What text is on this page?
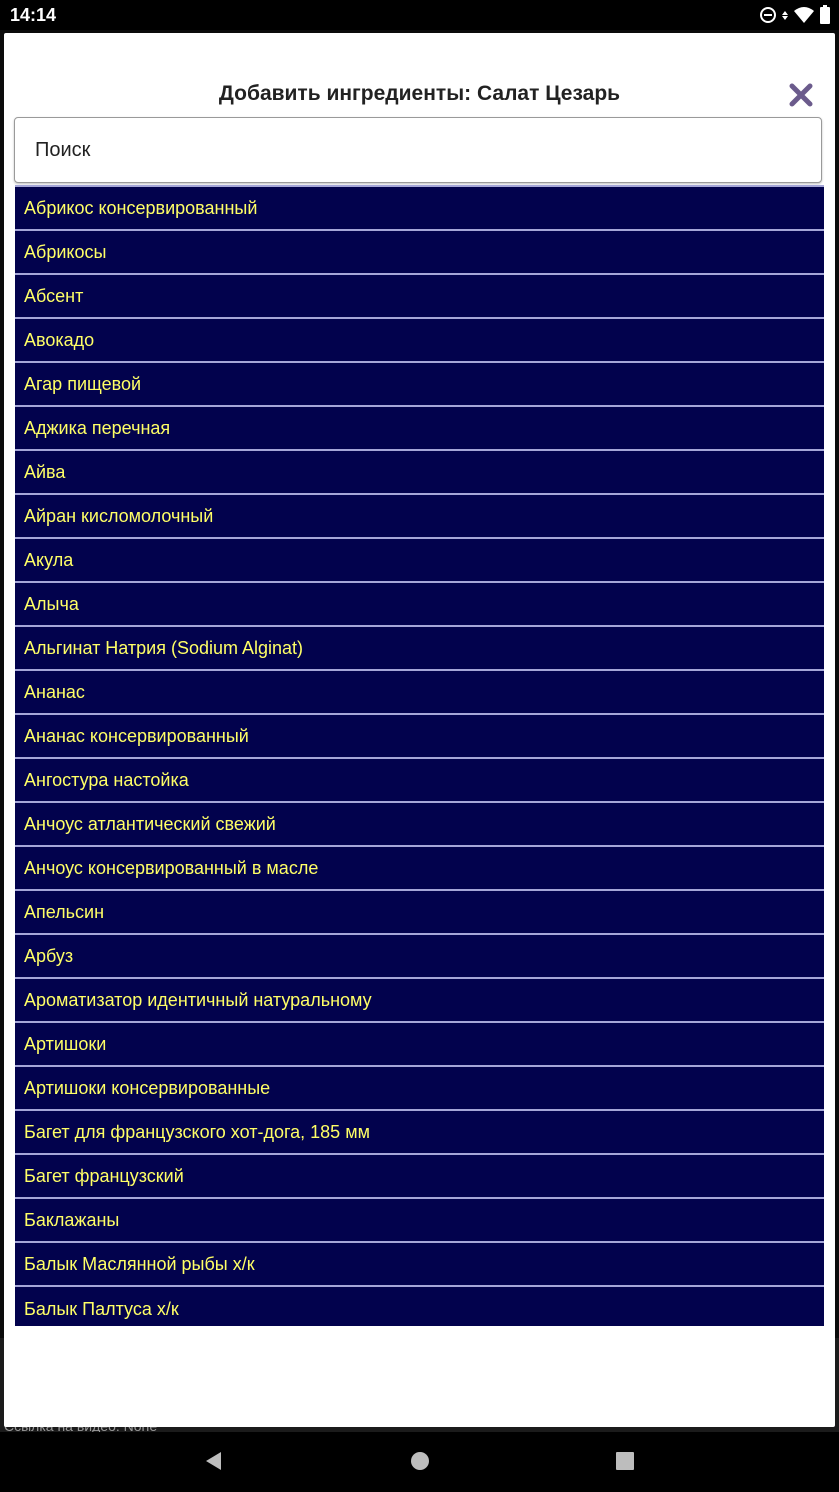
14:14
Добавить ингредиенты: Салат Цезарь
Поиск
Абрикос консервированный
Абрикосы
Абсент
Авокадо
Агар пищевой
Аджика перечная
Айва
Айран кисломолочный
Акула
Алыча
Альгинат Натрия (Sodium Alginat)
Ананас
Ананас консервированный
Ангостура настойка
Анчоус атлантический свежий
Анчоус консервированный в масле
Апельсин
Арбуз
Ароматизатор идентичный натуральному
Артишоки
Артишоки консервированные
Багет для французского хот-дога, 185 мм
Багет французский
Баклажаны
Балык Маслянной рыбы х/к
Балык Палтуса х/к
